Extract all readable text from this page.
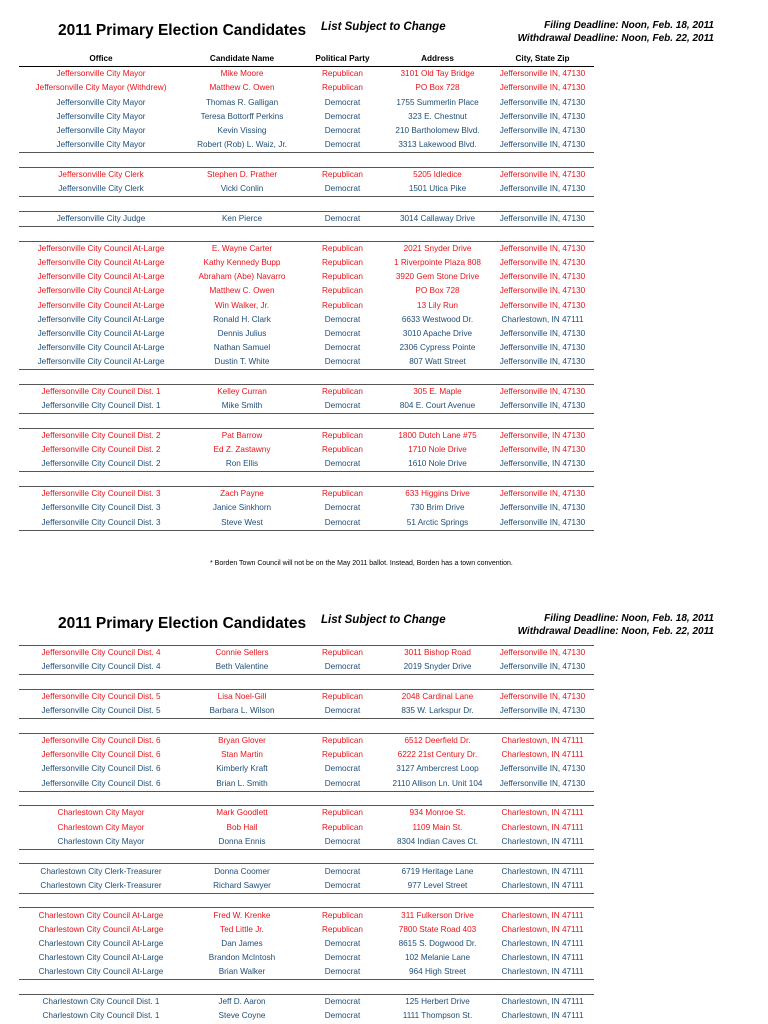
2011 Primary Election Candidates List Subject to Change	Filing Deadline: Noon, Feb. 18, 2011
Withdrawal Deadline: Noon, Feb. 22, 2011
Office	Candidate Name	Political Party	Address	City, State Zip
Jeffersonville City Mayor	Mike Moore	Republican	3101 Old Tay Bridge	Jeffersonville IN, 47130
Jeffersonville City Mayor (Withdrew)	Matthew C. Owen	Republican	PO Box 728	Jeffersonville IN, 47130
Jeffersonville City Mayor	Thomas R. Galligan	Democrat	1755 Summerlin Place	Jeffersonville IN, 47130
Jeffersonville City Mayor	Teresa Bottorff Perkins	Democrat	323 E. Chestnut	Jeffersonville IN, 47130
Jeffersonville City Mayor	Kevin Vissing	Democrat	210 Bartholomew Blvd.	Jeffersonville IN, 47130
Jeffersonville City Mayor	Robert (Rob) L. Waiz, Jr.	Democrat	3313 Lakewood Blvd.	Jeffersonville IN, 47130

Jeffersonville City Clerk	Stephen D. Prather	Republican	5205 Idledice	Jeffersonville IN, 47130
Jeffersonville City Clerk	Vicki Conlin	Democrat	1501 Utica Pike	Jeffersonville IN, 47130

Jeffersonville City Judge	Ken Pierce	Democrat	3014 Callaway Drive	Jeffersonville IN, 47130

Jeffersonville City Council At-Large	E. Wayne Carter	Republican	2021 Snyder Drive	Jeffersonville IN, 47130
Jeffersonville City Council At-Large	Kathy Kennedy Bupp	Republican	1 Riverpointe Plaza 808	Jeffersonville IN, 47130
Jeffersonville City Council At-Large	Abraham (Abe) Navarro	Republican	3920 Gem Stone Drive	Jeffersonville IN, 47130
Jeffersonville City Council At-Large	Matthew C. Owen	Republican	PO Box 728	Jeffersonville IN, 47130
Jeffersonville City Council At-Large	Win Walker, Jr.	Republican	13 Lily Run	Jeffersonville IN, 47130
Jeffersonville City Council At-Large	Ronald H. Clark	Democrat	6633 Westwood Dr.	Charlestown, IN 47111
Jeffersonville City Council At-Large	Dennis Julius	Democrat	3010 Apache Drive	Jeffersonville IN, 47130
Jeffersonville City Council At-Large	Nathan Samuel	Democrat	2306 Cypress Pointe	Jeffersonville IN, 47130
Jeffersonville City Council At-Large	Dustin T. White	Democrat	807 Watt Street	Jeffersonville IN, 47130

Jeffersonville City Council Dist. 1	Kelley Curran	Republican	305 E. Maple	Jeffersonville IN, 47130
Jeffersonville City Council Dist. 1	Mike Smith	Democrat	804 E. Court Avenue	Jeffersonville IN, 47130

Jeffersonville City Council Dist. 2	Pat Barrow	Republican	1800 Dutch Lane #75	Jeffersonville, IN 47130
Jeffersonville City Council Dist. 2	Ed Z. Zastawny	Republican	1710 Nole Drive	Jeffersonville, IN 47130
Jeffersonville City Council Dist. 2	Ron Ellis	Democrat	1610 Nole Drive	Jeffersonville, IN 47130

Jeffersonville City Council Dist. 3	Zach Payne	Republican	633 Higgins Drive	Jeffersonville IN, 47130
Jeffersonville City Council Dist. 3	Janice Sinkhorn	Democrat	730 Brim Drive	Jeffersonville IN, 47130
Jeffersonville City Council Dist. 3	Steve West	Democrat	51 Arctic Springs	Jeffersonville IN, 47130

* Borden Town Council will not be on the May 2011 ballot. Instead, Borden has a town convention.
2011 Primary Election Candidates List Subject to Change	Filing Deadline: Noon, Feb. 18, 2011
Withdrawal Deadline: Noon, Feb. 22, 2011
Jeffersonville City Council Dist. 4	Connie Sellers	Republican	3011 Bishop Road	Jeffersonville IN, 47130
Jeffersonville City Council Dist. 4	Beth Valentine	Democrat	2019 Snyder Drive	Jeffersonville IN, 47130

Jeffersonville City Council Dist. 5	Lisa Noel-Gill	Republican	2048 Cardinal Lane	Jeffersonville IN, 47130
Jeffersonville City Council Dist. 5	Barbara L. Wilson	Democrat	835 W. Larkspur Dr.	Jeffersonville IN, 47130

Jeffersonville City Council Dist. 6	Bryan Glover	Republican	6512 Deerfield Dr.	Charlestown, IN 47111
Jeffersonville City Council Dist. 6	Stan Martin	Republican	6222 21st Century Dr.	Charlestown, IN 47111
Jeffersonville City Council Dist. 6	Kimberly Kraft	Democrat	3127 Ambercrest Loop	Jeffersonville IN, 47130
Jeffersonville City Council Dist. 6	Brian L. Smith	Democrat	2110 Allison Ln. Unit 104	Jeffersonville IN, 47130

Charlestown City Mayor	Mark Goodlett	Republican	934 Monroe St.	Charlestown, IN 47111
Charlestown City Mayor	Bob Hall	Republican	1109 Main St.	Charlestown, IN 47111
Charlestown City Mayor	Donna Ennis	Democrat	8304 Indian Caves Ct.	Charlestown, IN 47111

Charlestown City Clerk-Treasurer	Donna Coomer	Democrat	6719 Heritage Lane	Charlestown, IN 47111
Charlestown City Clerk-Treasurer	Richard Sawyer	Democrat	977 Level Street	Charlestown, IN 47111

Charlestown City Council At-Large	Fred W. Krenke	Republican	311 Fulkerson Drive	Charlestown, IN 47111
Charlestown City Council At-Large	Ted Little Jr.	Republican	7800 State Road 403	Charlestown, IN 47111
Charlestown City Council At-Large	Dan James	Democrat	8615 S. Dogwood Dr.	Charlestown, IN 47111
Charlestown City Council At-Large	Brandon McIntosh	Democrat	102 Melanie Lane	Charlestown, IN 47111
Charlestown City Council At-Large	Brian Walker	Democrat	964 High Street	Charlestown, IN 47111

Charlestown City Council Dist. 1	Jeff D. Aaron	Democrat	125 Herbert Drive	Charlestown, IN 47111
Charlestown City Council Dist. 1	Steve Coyne	Democrat	1111 Thompson St.	Charlestown, IN 47111
